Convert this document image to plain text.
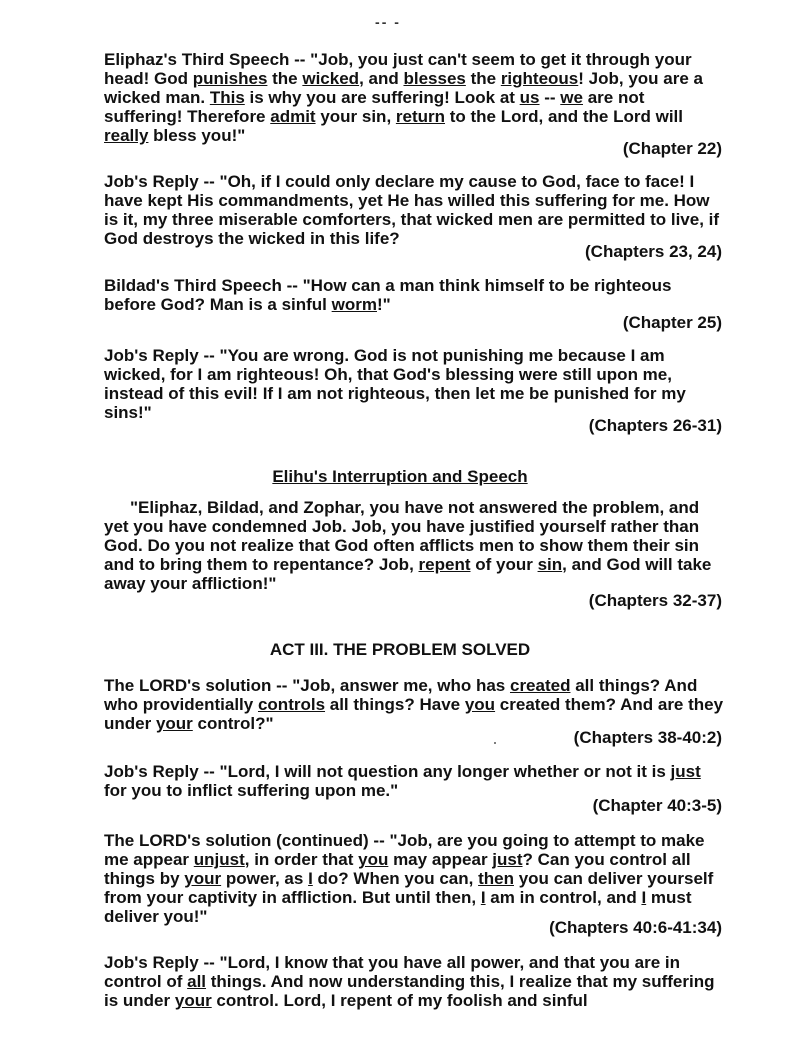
-- -
Eliphaz's Third Speech -- "Job, you just can't seem to get it through your head! God punishes the wicked, and blesses the righteous! Job, you are a wicked man. This is why you are suffering! Look at us -- we are not suffering! Therefore admit your sin, return to the Lord, and the Lord will really bless you!"
(Chapter 22)
Job's Reply -- "Oh, if I could only declare my cause to God, face to face! I have kept His commandments, yet He has willed this suffering for me. How is it, my three miserable comforters, that wicked men are permitted to live, if God destroys the wicked in this life?
(Chapters 23, 24)
Bildad's Third Speech -- "How can a man think himself to be righteous before God? Man is a sinful worm!"
(Chapter 25)
Job's Reply -- "You are wrong. God is not punishing me because I am wicked, for I am righteous! Oh, that God's blessing were still upon me, instead of this evil! If I am not righteous, then let me be punished for my sins!"
(Chapters 26-31)
Elihu's Interruption and Speech
"Eliphaz, Bildad, and Zophar, you have not answered the problem, and yet you have condemned Job. Job, you have justified yourself rather than God. Do you not realize that God often afflicts men to show them their sin and to bring them to repentance? Job, repent of your sin, and God will take away your affliction!"
(Chapters 32-37)
ACT III. THE PROBLEM SOLVED
The LORD's solution -- "Job, answer me, who has created all things? And who providentially controls all things? Have you created them? And are they under your control?"
(Chapters 38-40:2)
Job's Reply -- "Lord, I will not question any longer whether or not it is just for you to inflict suffering upon me."
(Chapter 40:3-5)
The LORD's solution (continued) -- "Job, are you going to attempt to make me appear unjust, in order that you may appear just? Can you control all things by your power, as I do? When you can, then you can deliver yourself from your captivity in affliction. But until then, I am in control, and I must deliver you!"
(Chapters 40:6-41:34)
Job's Reply -- "Lord, I know that you have all power, and that you are in control of all things. And now understanding this, I realize that my suffering is under your control. Lord, I repent of my foolish and sinful
